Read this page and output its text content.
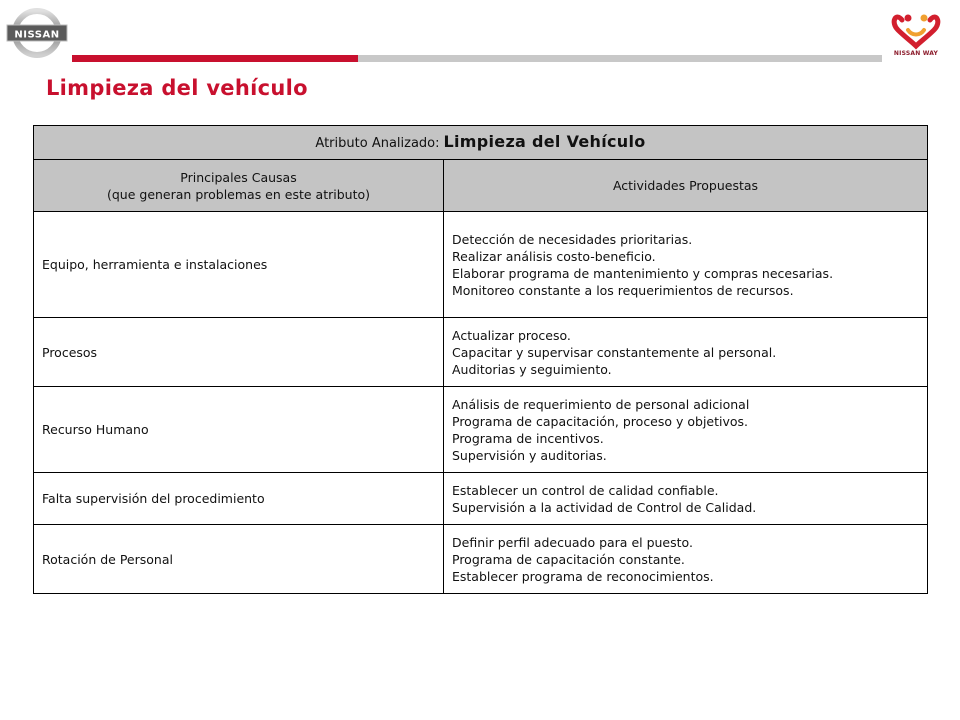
NISSAN
NISSAN WAY
Limpieza del vehículo
Atributo Analizado: Limpieza del Vehículo	

Principales Causas
(que generan problemas en este atributo)	Actividades Propuestas
Equipo, herramienta e instalaciones	Detección de necesidades prioritarias.
Realizar análisis costo-beneficio.
Elaborar programa de mantenimiento y compras necesarias.
Monitoreo constante a los requerimientos de recursos.

Procesos	Actualizar proceso.
Capacitar y supervisar constantemente al personal.
Auditorias y seguimiento.

Recurso Humano	Análisis de requerimiento de personal adicional
Programa de capacitación, proceso y objetivos.
Programa de incentivos.
Supervisión y auditorias.

Falta supervisión del procedimiento	Establecer un control de calidad confiable.
Supervisión a la actividad de Control de Calidad.

Rotación de Personal	Definir perfil adecuado para el puesto.
Programa de capacitación constante.
Establecer programa de reconocimientos.
